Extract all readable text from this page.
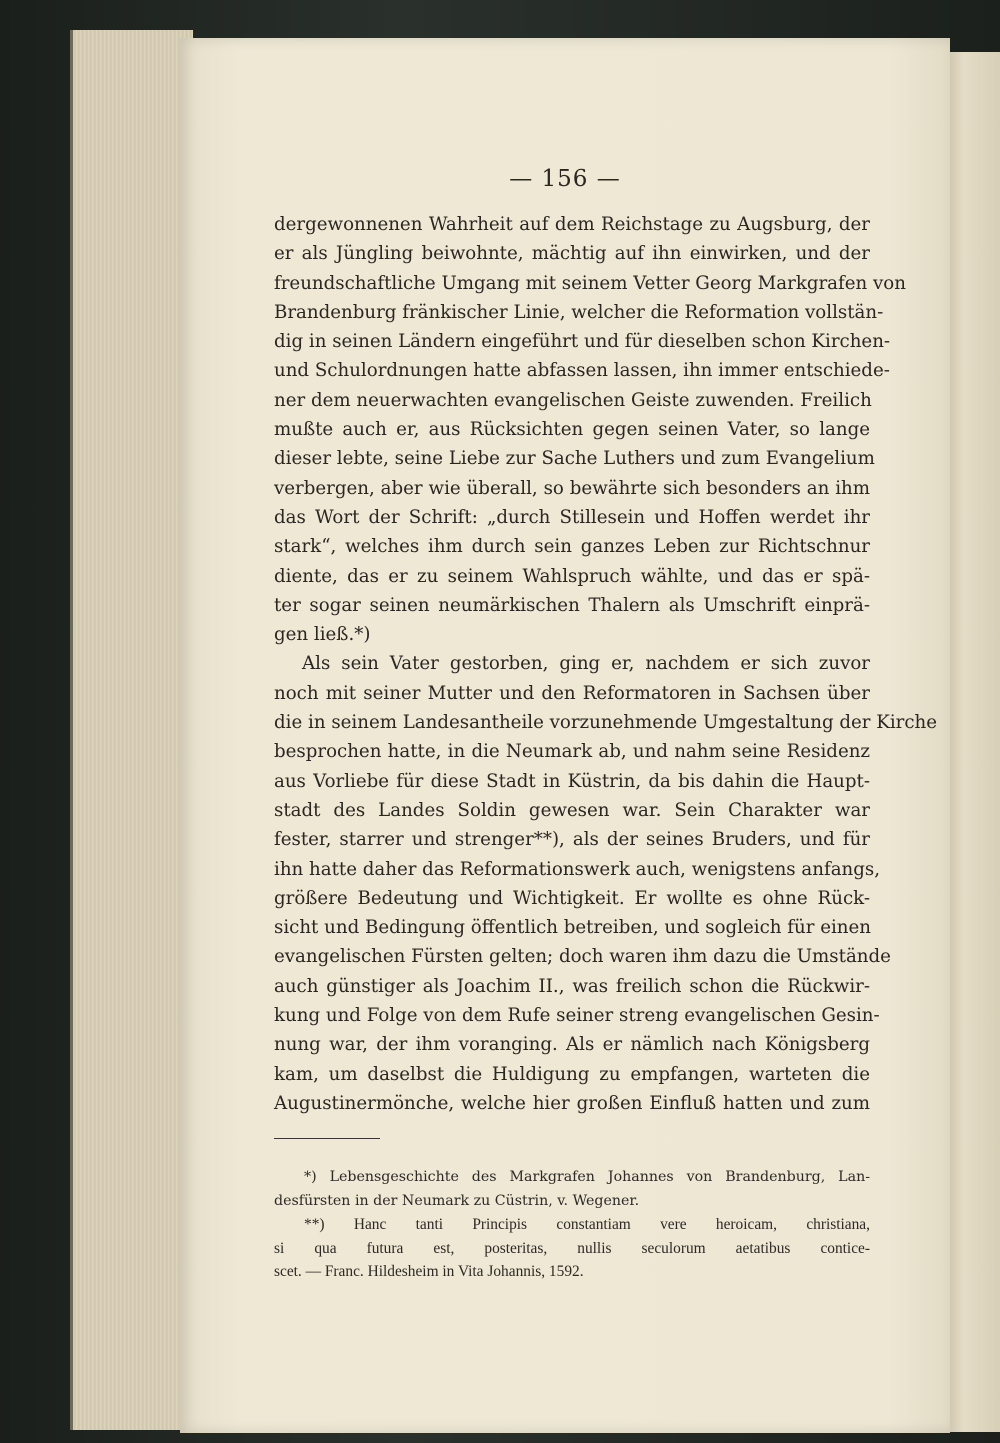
— 156 —
dergewonnenen Wahrheit auf dem Reichstage zu Augsburg, der
er als Jüngling beiwohnte, mächtig auf ihn einwirken, und der
freundschaftliche Umgang mit seinem Vetter Georg Markgrafen von
Brandenburg fränkischer Linie, welcher die Reformation vollstän-
dig in seinen Ländern eingeführt und für dieselben schon Kirchen-
und Schulordnungen hatte abfassen lassen, ihn immer entschiede-
ner dem neuerwachten evangelischen Geiste zuwenden. Freilich
mußte auch er, aus Rücksichten gegen seinen Vater, so lange
dieser lebte, seine Liebe zur Sache Luthers und zum Evangelium
verbergen, aber wie überall, so bewährte sich besonders an ihm
das Wort der Schrift: „durch Stillesein und Hoffen werdet ihr
stark“, welches ihm durch sein ganzes Leben zur Richtschnur
diente, das er zu seinem Wahlspruch wählte, und das er spä-
ter sogar seinen neumärkischen Thalern als Umschrift einprä-
gen ließ.*)
Als sein Vater gestorben, ging er, nachdem er sich zuvor
noch mit seiner Mutter und den Reformatoren in Sachsen über
die in seinem Landesantheile vorzunehmende Umgestaltung der Kirche
besprochen hatte, in die Neumark ab, und nahm seine Residenz
aus Vorliebe für diese Stadt in Küstrin, da bis dahin die Haupt-
stadt des Landes Soldin gewesen war. Sein Charakter war
fester, starrer und strenger**), als der seines Bruders, und für
ihn hatte daher das Reformationswerk auch, wenigstens anfangs,
größere Bedeutung und Wichtigkeit. Er wollte es ohne Rück-
sicht und Bedingung öffentlich betreiben, und sogleich für einen
evangelischen Fürsten gelten; doch waren ihm dazu die Umstände
auch günstiger als Joachim II., was freilich schon die Rückwir-
kung und Folge von dem Rufe seiner streng evangelischen Gesin-
nung war, der ihm voranging. Als er nämlich nach Königsberg
kam, um daselbst die Huldigung zu empfangen, warteten die
Augustinermönche, welche hier großen Einfluß hatten und zum
*) Lebensgeschichte des Markgrafen Johannes von Brandenburg, Lan-
desfürsten in der Neumark zu Cüstrin, v. Wegener.
**) Hanc tanti Principis constantiam vere heroicam, christiana,
si qua futura est, posteritas, nullis seculorum aetatibus contice-
scet. — Franc. Hildesheim in Vita Johannis, 1592.
